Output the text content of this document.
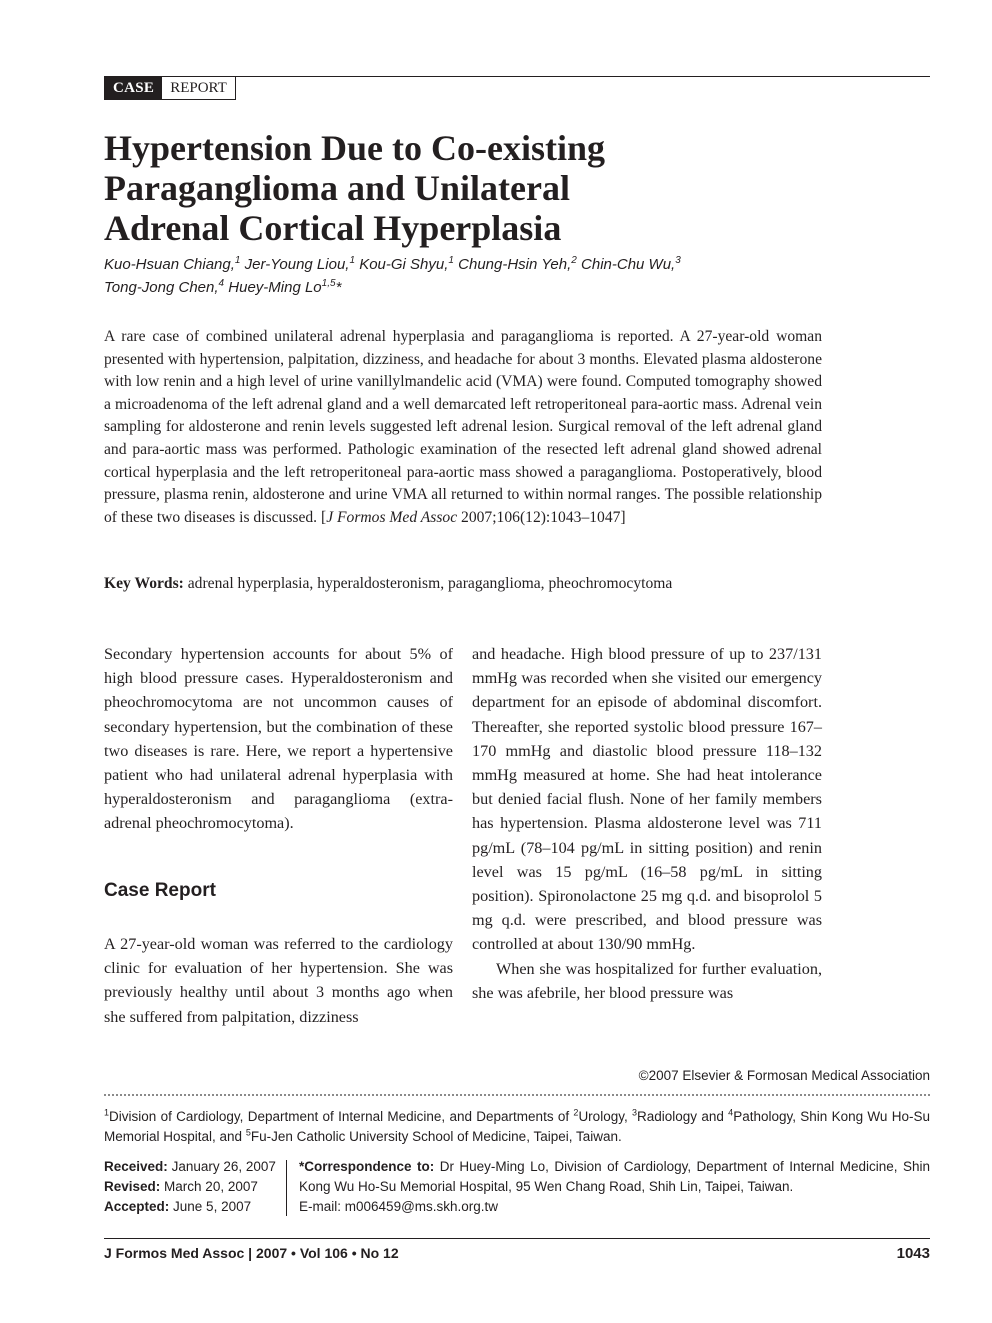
CASE	REPORT
Hypertension Due to Co-existing
Paraganglioma and Unilateral
Adrenal Cortical Hyperplasia
Kuo-Hsuan Chiang,$^1$ Jer-Young Liou,$^1$ Kou-Gi Shyu,$^1$ Chung-Hsin Yeh,$^2$ Chin-Chu Wu,$^3$
Tong-Jong Chen,$^4$ Huey-Ming Lo$^{1,5}$*
A rare case of combined unilateral adrenal hyperplasia and paraganglioma is reported. A 27-year-old woman presented with hypertension, palpitation, dizziness, and headache for about 3 months. Elevated plasma aldosterone with low renin and a high level of urine vanillylmandelic acid (VMA) were found. Computed tomography showed a microadenoma of the left adrenal gland and a well demarcated left retroperitoneal para-aortic mass. Adrenal vein sampling for aldosterone and renin levels suggested left adrenal lesion. Surgical removal of the left adrenal gland and para-aortic mass was performed. Pathologic examination of the resected left adrenal gland showed adrenal cortical hyperplasia and the left retroperitoneal para-aortic mass showed a paraganglioma. Postoperatively, blood pressure, plasma renin, aldosterone and urine VMA all returned to within normal ranges. The possible relationship of these two diseases is discussed. [J Formos Med Assoc 2007;106(12):1043–1047]
Key Words: adrenal hyperplasia, hyperaldosteronism, paraganglioma, pheochromocytoma
Secondary hypertension accounts for about 5% of high blood pressure cases. Hyperaldosteronism and pheochromocytoma are not uncommon causes of secondary hypertension, but the combination of these two diseases is rare. Here, we report a hypertensive patient who had unilateral adrenal hyperplasia with hyperaldosteronism and paraganglioma (extra-adrenal pheochromocytoma).
Case Report
A 27-year-old woman was referred to the cardiology clinic for evaluation of her hypertension. She was previously healthy until about 3 months ago when she suffered from palpitation, dizziness
and headache. High blood pressure of up to 237/131 mmHg was recorded when she visited our emergency department for an episode of abdominal discomfort. Thereafter, she reported systolic blood pressure 167–170 mmHg and diastolic blood pressure 118–132 mmHg measured at home. She had heat intolerance but denied facial flush. None of her family members has hypertension. Plasma aldosterone level was 711 pg/mL (78–104 pg/mL in sitting position) and renin level was 15 pg/mL (16–58 pg/mL in sitting position). Spironolactone 25 mg q.d. and bisoprolol 5 mg q.d. were prescribed, and blood pressure was controlled at about 130/90 mmHg.
When she was hospitalized for further evaluation, she was afebrile, her blood pressure was
©2007 Elsevier & Formosan Medical Association
$^1$Division of Cardiology, Department of Internal Medicine, and Departments of $^2$Urology, $^3$Radiology and $^4$Pathology, Shin Kong Wu Ho-Su Memorial Hospital, and $^5$Fu-Jen Catholic University School of Medicine, Taipei, Taiwan.
Received: January 26, 2007
Revised: March 20, 2007
Accepted: June 5, 2007
*Correspondence to: Dr Huey-Ming Lo, Division of Cardiology, Department of Internal Medicine, Shin Kong Wu Ho-Su Memorial Hospital, 95 Wen Chang Road, Shih Lin, Taipei, Taiwan.
E-mail: m006459@ms.skh.org.tw
J Formos Med Assoc | 2007 • Vol 106 • No 12	1043
